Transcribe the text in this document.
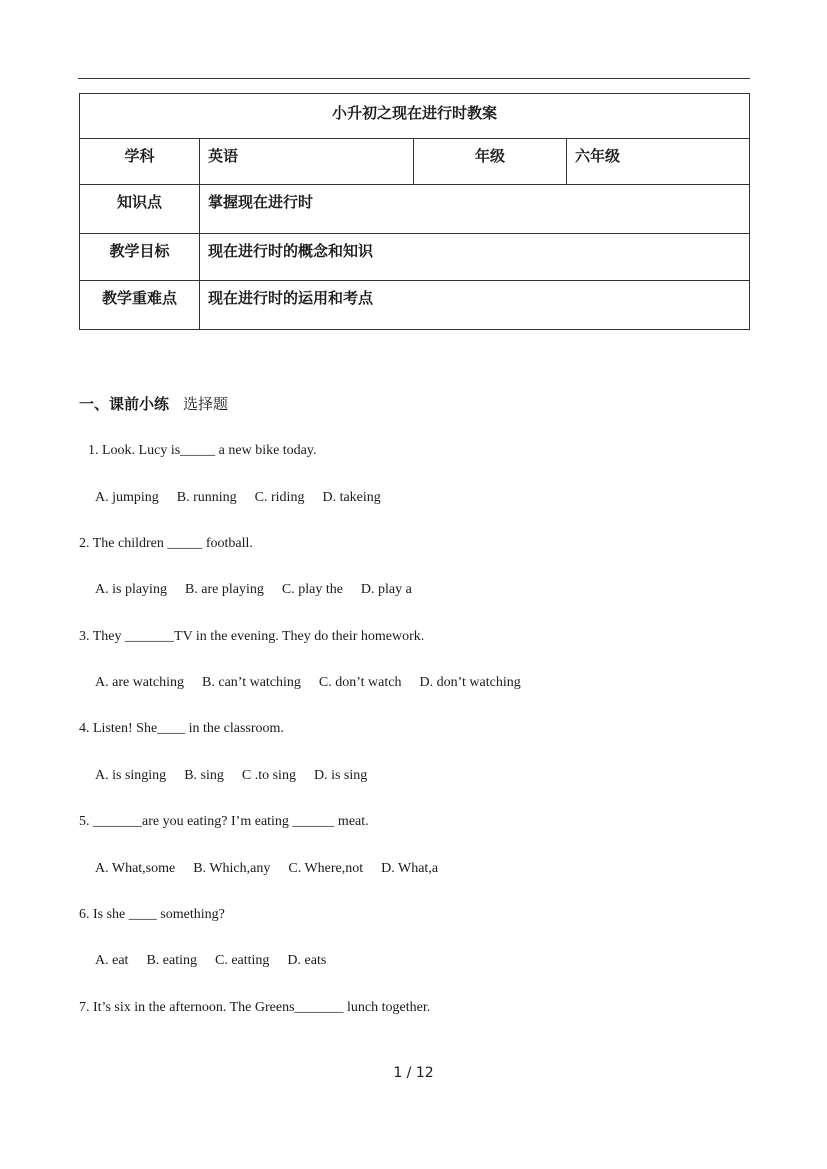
小升初之现在进行时教案			
学科	英语	年级	六年级
知识点	掌握现在进行时		
教学目标	现在进行时的概念和知识		
教学重难点	现在进行时的运用和考点		
一、课前小练 选择题
1. Look. Lucy is_____ a new bike today.
A. jumping B. running C. riding D. takeing
2. The children _____ football.
A. is playing B. are playing C. play the D. play a
3. They _______TV in the evening. They do their homework.
A. are watching B. can’t watching C. don’t watch D. don’t watching
4. Listen! She____ in the classroom.
A. is singing B. sing C .to sing D. is sing
5. _______are you eating? I’m eating ______ meat.
A. What,some B. Which,any C. Where,not D. What,a
6. Is she ____ something?
A. eat B. eating C. eatting D. eats
7. It’s six in the afternoon. The Greens_______ lunch together.
1 / 12
